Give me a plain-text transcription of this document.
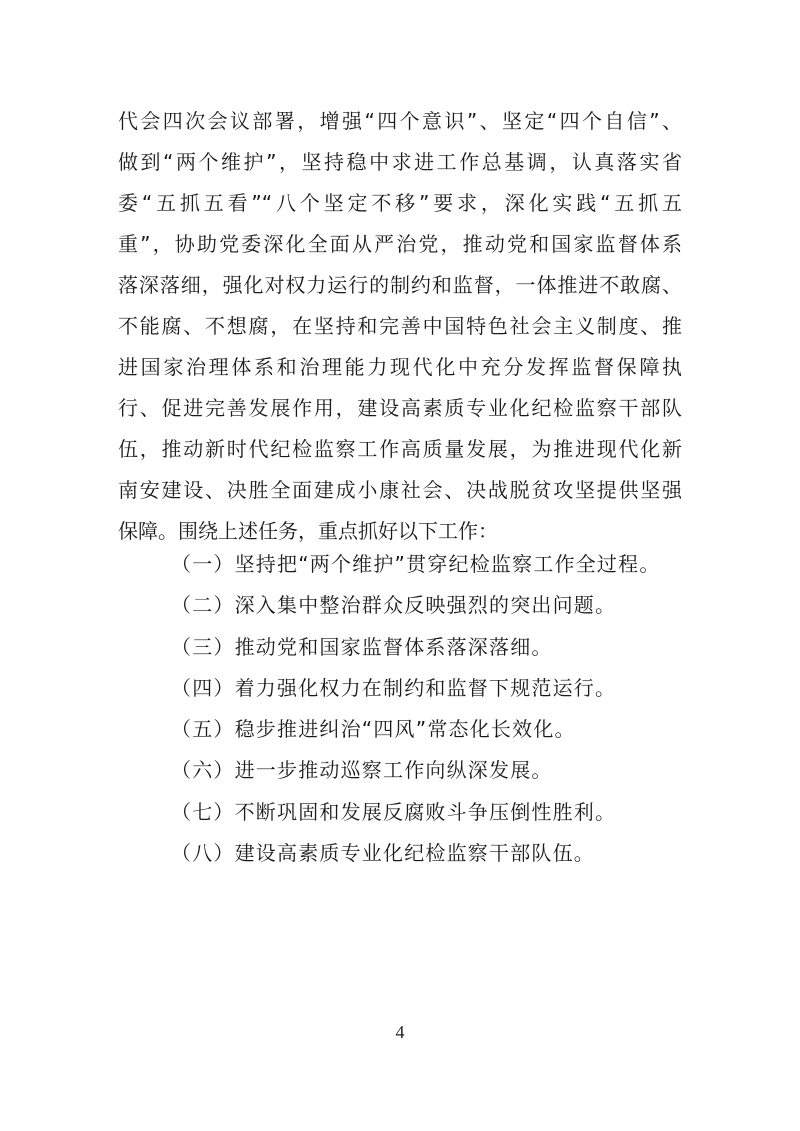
代会四次会议部署，增强“四个意识”、坚定“四个自信”、
做到“两个维护”，坚持稳中求进工作总基调，认真落实省
委“五抓五看”“八个坚定不移”要求，深化实践“五抓五
重”，协助党委深化全面从严治党，推动党和国家监督体系
落深落细，强化对权力运行的制约和监督，一体推进不敢腐、
不能腐、不想腐，在坚持和完善中国特色社会主义制度、推
进国家治理体系和治理能力现代化中充分发挥监督保障执
行、促进完善发展作用，建设高素质专业化纪检监察干部队
伍，推动新时代纪检监察工作高质量发展，为推进现代化新
南安建设、决胜全面建成小康社会、决战脱贫攻坚提供坚强
保障。围绕上述任务，重点抓好以下工作：
（一）坚持把“两个维护”贯穿纪检监察工作全过程。
（二）深入集中整治群众反映强烈的突出问题。
（三）推动党和国家监督体系落深落细。
（四）着力强化权力在制约和监督下规范运行。
（五）稳步推进纠治“四风”常态化长效化。
（六）进一步推动巡察工作向纵深发展。
（七）不断巩固和发展反腐败斗争压倒性胜利。
（八）建设高素质专业化纪检监察干部队伍。
4
